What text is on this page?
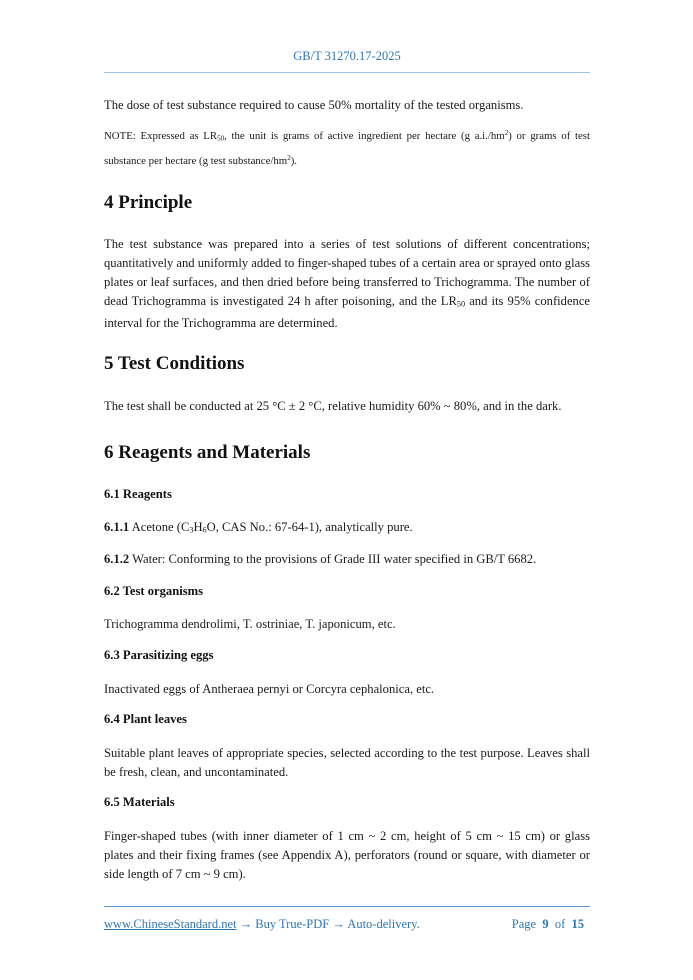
GB/T 31270.17-2025
The dose of test substance required to cause 50% mortality of the tested organisms.
NOTE: Expressed as $LR_{50}$, the unit is grams of active ingredient per hectare (g $a.i./hm^2$) or grams of test substance per hectare (g test substance/$hm^2$).
4 Principle
The test substance was prepared into a series of test solutions of different concentrations; quantitatively and uniformly added to finger-shaped tubes of a certain area or sprayed onto glass plates or leaf surfaces, and then dried before being transferred to Trichogramma. The number of dead Trichogramma is investigated 24 h after poisoning, and the $LR_{50}$ and its 95% confidence interval for the Trichogramma are determined.
5 Test Conditions
The test shall be conducted at 25 °C ± 2 °C, relative humidity 60% ~ 80%, and in the dark.
6 Reagents and Materials
6.1 Reagents
6.1.1 Acetone ($C_3H_6O$, CAS No.: 67-64-1), analytically pure.
6.1.2 Water: Conforming to the provisions of Grade III water specified in GB/T 6682.
6.2 Test organisms
Trichogramma dendrolimi, T. ostriniae, T. japonicum, etc.
6.3 Parasitizing eggs
Inactivated eggs of Antheraea pernyi or Corcyra cephalonica, etc.
6.4 Plant leaves
Suitable plant leaves of appropriate species, selected according to the test purpose. Leaves shall be fresh, clean, and uncontaminated.
6.5 Materials
Finger-shaped tubes (with inner diameter of 1 cm ~ 2 cm, height of 5 cm ~ 15 cm) or glass plates and their fixing frames (see Appendix A), perforators (round or square, with diameter or side length of 7 cm ~ 9 cm).
www.ChineseStandard.net → Buy True-PDF → Auto-delivery.	Page 9 of 15
